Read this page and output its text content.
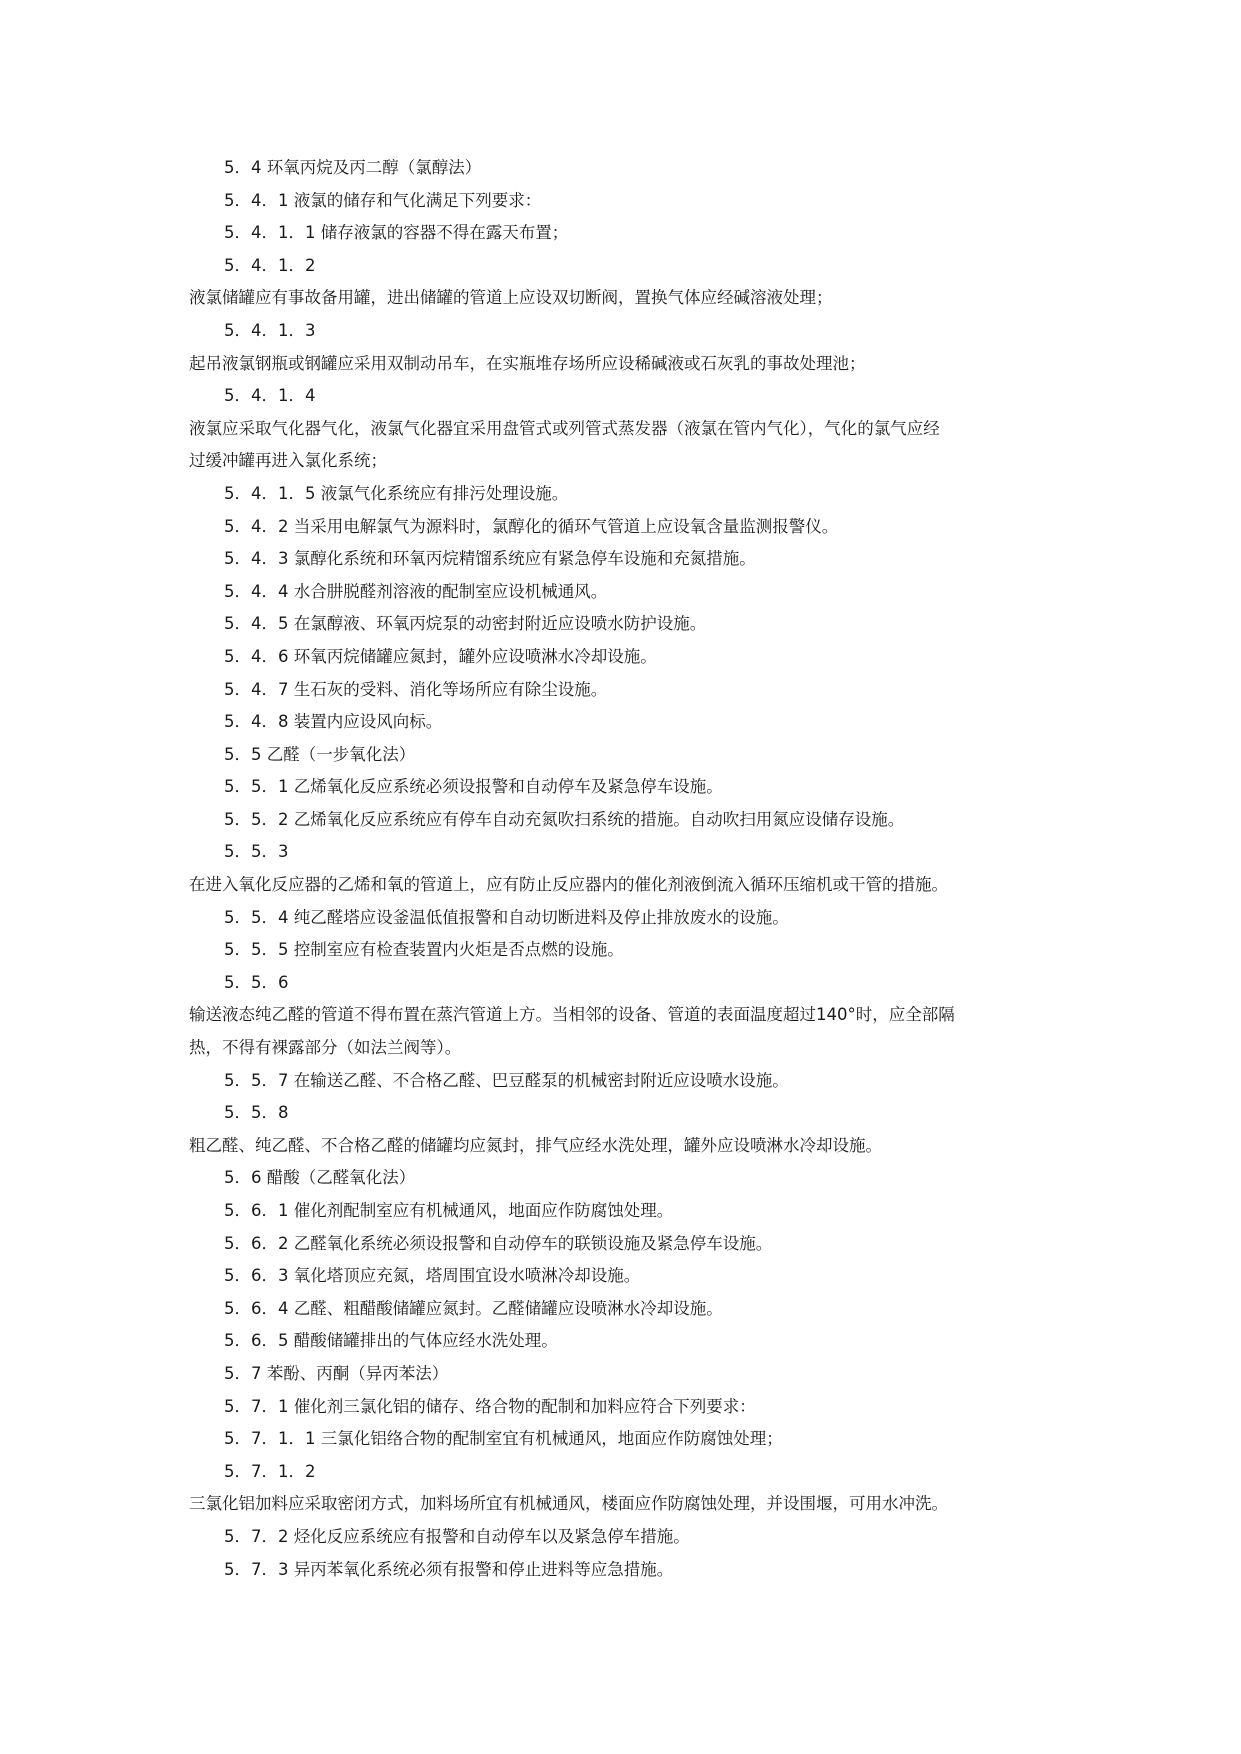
5．4 环氧丙烷及丙二醇（氯醇法）
5．4．1 液氯的储存和气化满足下列要求：
5．4．1．1 储存液氯的容器不得在露天布置；
5．4．1．2
液氯储罐应有事故备用罐，进出储罐的管道上应设双切断阀，置换气体应经碱溶液处理；
5．4．1．3
起吊液氯钢瓶或钢罐应采用双制动吊车，在实瓶堆存场所应设稀碱液或石灰乳的事故处理池；
5．4．1．4
液氯应采取气化器气化，液氯气化器宜采用盘管式或列管式蒸发器（液氯在管内气化），气化的氯气应经
过缓冲罐再进入氯化系统；
5．4．1．5 液氯气化系统应有排污处理设施。
5．4．2 当采用电解氯气为源料时，氯醇化的循环气管道上应设氧含量监测报警仪。
5．4．3 氯醇化系统和环氧丙烷精馏系统应有紧急停车设施和充氮措施。
5．4．4 水合肼脱醛剂溶液的配制室应设机械通风。
5．4．5 在氯醇液、环氧丙烷泵的动密封附近应设喷水防护设施。
5．4．6 环氧丙烷储罐应氮封，罐外应设喷淋水冷却设施。
5．4．7 生石灰的受料、消化等场所应有除尘设施。
5．4．8 装置内应设风向标。
5．5 乙醛（一步氧化法）
5．5．1 乙烯氧化反应系统必须设报警和自动停车及紧急停车设施。
5．5．2 乙烯氧化反应系统应有停车自动充氮吹扫系统的措施。自动吹扫用氮应设储存设施。
5．5．3
在进入氧化反应器的乙烯和氧的管道上，应有防止反应器内的催化剂液倒流入循环压缩机或干管的措施。
5．5．4 纯乙醛塔应设釜温低值报警和自动切断进料及停止排放废水的设施。
5．5．5 控制室应有检查装置内火炬是否点燃的设施。
5．5．6
输送液态纯乙醛的管道不得布置在蒸汽管道上方。当相邻的设备、管道的表面温度超过140°时，应全部隔
热，不得有裸露部分（如法兰阀等）。
5．5．7 在输送乙醛、不合格乙醛、巴豆醛泵的机械密封附近应设喷水设施。
5．5．8
粗乙醛、纯乙醛、不合格乙醛的储罐均应氮封，排气应经水洗处理，罐外应设喷淋水冷却设施。
5．6 醋酸（乙醛氧化法）
5．6．1 催化剂配制室应有机械通风，地面应作防腐蚀处理。
5．6．2 乙醛氧化系统必须设报警和自动停车的联锁设施及紧急停车设施。
5．6．3 氧化塔顶应充氮，塔周围宜设水喷淋冷却设施。
5．6．4 乙醛、粗醋酸储罐应氮封。乙醛储罐应设喷淋水冷却设施。
5．6．5 醋酸储罐排出的气体应经水洗处理。
5．7 苯酚、丙酮（异丙苯法）
5．7．1 催化剂三氯化铝的储存、络合物的配制和加料应符合下列要求：
5．7．1．1 三氯化铝络合物的配制室宜有机械通风，地面应作防腐蚀处理；
5．7．1．2
三氯化铝加料应采取密闭方式，加料场所宜有机械通风，楼面应作防腐蚀处理，并设围堰，可用水冲洗。
5．7．2 烃化反应系统应有报警和自动停车以及紧急停车措施。
5．7．3 异丙苯氧化系统必须有报警和停止进料等应急措施。
